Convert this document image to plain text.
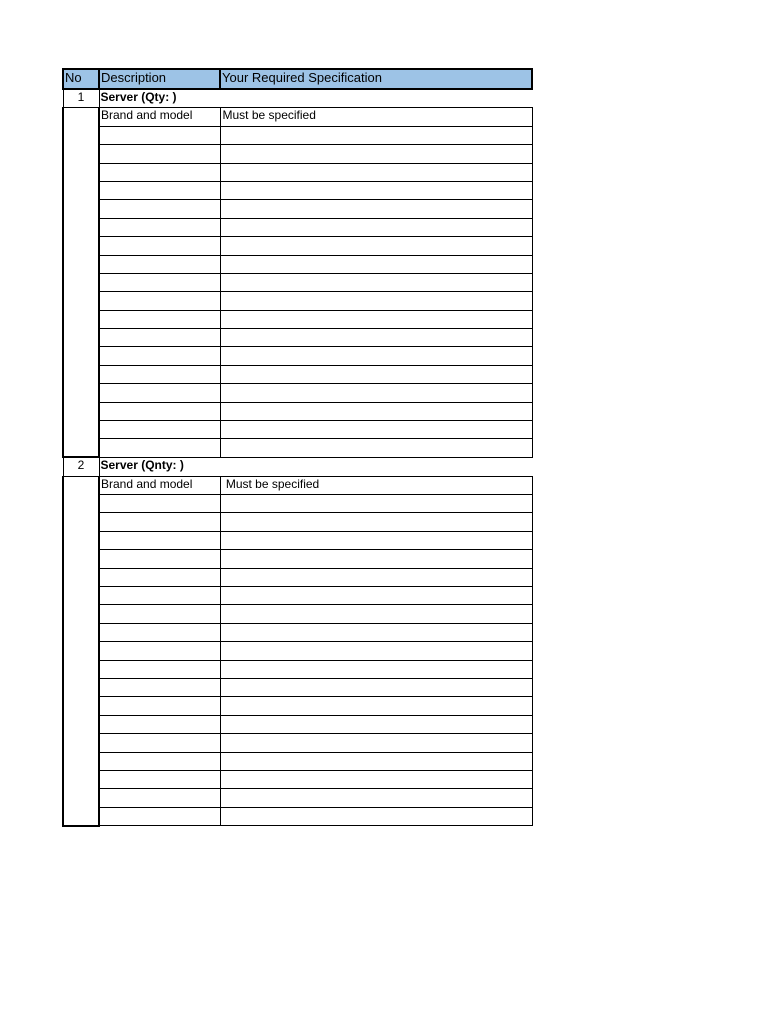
No	Description	Your Required Specification
1	Server (Qty: )	
	Brand and model	Must be specified

2	Server (Qnty: )	
	Brand and model	Must be specified
